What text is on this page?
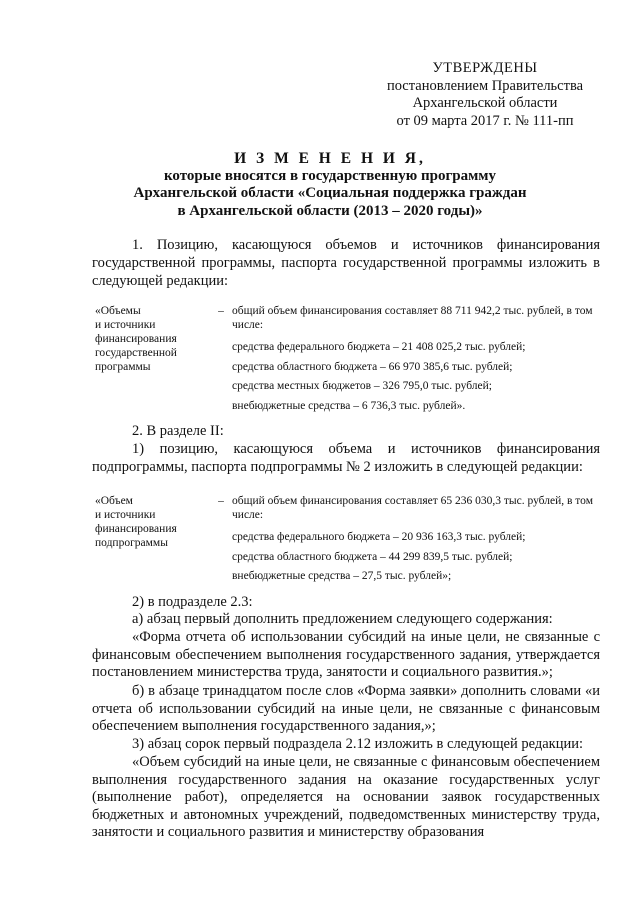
УТВЕРЖДЕНЫ
постановлением Правительства
Архангельской области
от 09 марта 2017 г. № 111-пп
И З М Е Н Е Н И Я,
которые вносятся в государственную программу
Архангельской области «Социальная поддержка граждан
в Архангельской области (2013 – 2020 годы)»
1. Позицию, касающуюся объемов и источников финансирования государственной программы, паспорта государственной программы изложить в следующей редакции:
«Объемы
и источники
финансирования
государственной
программы
– общий объем финансирования составляет 88 711 942,2 тыс. рублей, в том числе:
средства федерального бюджета – 21 408 025,2 тыс. рублей;
средства областного бюджета – 66 970 385,6 тыс. рублей;
средства местных бюджетов – 326 795,0 тыс. рублей;
внебюджетные средства – 6 736,3 тыс. рублей».
2. В разделе II:
1) позицию, касающуюся объема и источников финансирования подпрограммы, паспорта подпрограммы № 2 изложить в следующей редакции:
«Объем
и источники
финансирования
подпрограммы
– общий объем финансирования составляет 65 236 030,3 тыс. рублей, в том числе:
средства федерального бюджета – 20 936 163,3 тыс. рублей;
средства областного бюджета – 44 299 839,5 тыс. рублей;
внебюджетные средства – 27,5 тыс. рублей»;
2) в подразделе 2.3:
а) абзац первый дополнить предложением следующего содержания:
«Форма отчета об использовании субсидий на иные цели, не связанные с финансовым обеспечением выполнения государственного задания, утверждается постановлением министерства труда, занятости и социального развития.»;
б) в абзаце тринадцатом после слов «Форма заявки» дополнить словами «и отчета об использовании субсидий на иные цели, не связанные с финансовым обеспечением выполнения государственного задания,»;
3) абзац сорок первый подраздела 2.12 изложить в следующей редакции:
«Объем субсидий на иные цели, не связанные с финансовым обеспечением выполнения государственного задания на оказание государственных услуг (выполнение работ), определяется на основании заявок государственных бюджетных и автономных учреждений, подведомственных министерству труда, занятости и социального развития и министерству образования
